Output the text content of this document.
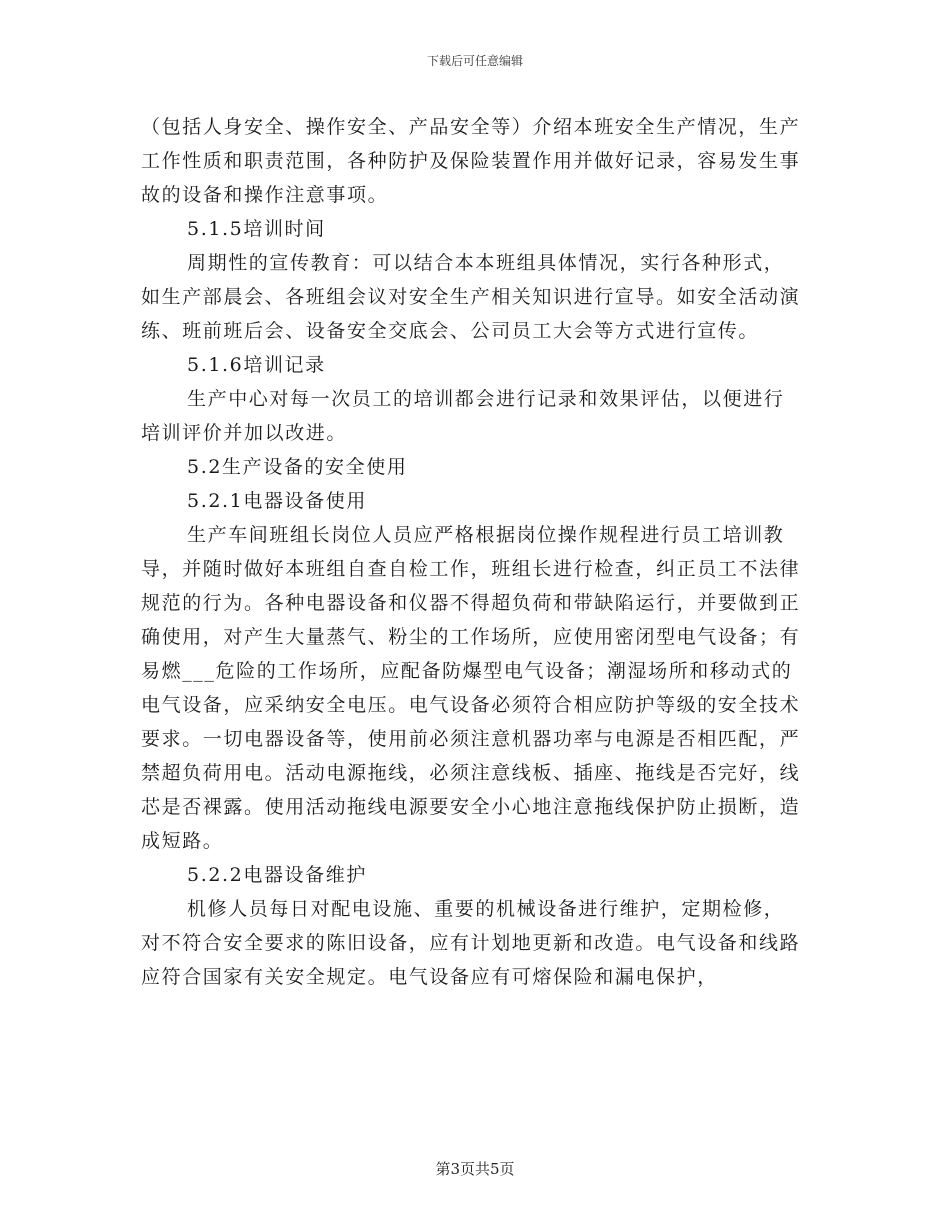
下载后可任意编辑

（包括人身安全、操作安全、产品安全等）介绍本班安全生产情况，生产工作性质和职责范围，各种防护及保险装置作用并做好记录，容易发生事故的设备和操作注意事项。

5.1.5培训时间

周期性的宣传教育：可以结合本本班组具体情况，实行各种形式，如生产部晨会、各班组会议对安全生产相关知识进行宣导。如安全活动演练、班前班后会、设备安全交底会、公司员工大会等方式进行宣传。

5.1.6培训记录

生产中心对每一次员工的培训都会进行记录和效果评估，以便进行培训评价并加以改进。

5.2生产设备的安全使用

5.2.1电器设备使用

生产车间班组长岗位人员应严格根据岗位操作规程进行员工培训教导，并随时做好本班组自查自检工作，班组长进行检查，纠正员工不法律规范的行为。各种电器设备和仪器不得超负荷和带缺陷运行，并要做到正确使用，对产生大量蒸气、粉尘的工作场所，应使用密闭型电气设备；有易燃___危险的工作场所，应配备防爆型电气设备；潮湿场所和移动式的电气设备，应采纳安全电压。电气设备必须符合相应防护等级的安全技术要求。一切电器设备等，使用前必须注意机器功率与电源是否相匹配，严禁超负荷用电。活动电源拖线，必须注意线板、插座、拖线是否完好，线芯是否裸露。使用活动拖线电源要安全小心地注意拖线保护防止损断，造成短路。

5.2.2电器设备维护

机修人员每日对配电设施、重要的机械设备进行维护，定期检修，对不符合安全要求的陈旧设备，应有计划地更新和改造。电气设备和线路应符合国家有关安全规定。电气设备应有可熔保险和漏电保护，

第3页共5页
